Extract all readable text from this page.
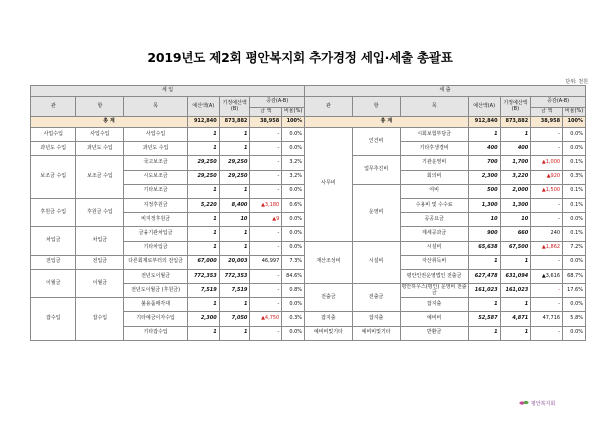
2019년도 제2회 평안복지회 추가경정 세입·세출 총괄표
단위: 천원
세 입							세 출						
관	항	목	예산액(A)	기정예산액(B)	증감(A-B)		관	항	목	예산액(A)	기정예산액(B)	증감(A-B)	
					금 액	비율(%)						금 액	비율(%)
총 계			912,840	873,882	38,958	100%	총 계			912,840	873,882	38,958	100%
사업수입	사업수입	사업수입	1	1	-	0.0%	사무비	인건비	시회보험부담금	1	1	-	0.0%
과년도 수입	과년도 수입	과년도 수입	1	1	-	0.0%			기타후생경비	400	400	-	0.0%
보조금 수입	보조금 수입	국고보조금	29,250	29,250	-	3.2%		업무추진비	기관운영비	700	1,700	▲1,000	0.1%
		시도보조금	29,250	29,250	-	3.2%			회의비	2,300	3,220	▲920	0.3%
		기타보조금	1	1	-	0.0%		운영비	여비	500	2,000	▲1,500	0.1%
후원금 수입	후원금 수입	지정후원금	5,220	8,400	▲3,180	0.6%			수용비 및 수수료	1,300	1,300	-	0.1%
		비지정후원금	1	10	▲9	0.0%			공공요금	10	10	-	0.0%
차입금	차입금	금융기관차입금	1	1	-	0.0%			제세공과금	900	660	240	0.1%
		기타차입금	1	1	-	0.0%	재산조성비	시설비	시설비	65,638	67,500	▲1,862	7.2%
전입금	전입금	다른회계로부터의 전입금	67,000	20,003	46,997	7.3%			자산취득비	1	1	-	0.0%
이월금	이월금	전년도이월금	772,353	772,353	-	84.6%			평안인권운영법인 전출금	627,478	631,094	▲3,616	68.7%
		전년도이월금 (후원금)	7,519	7,519	-	0.8%	전출금	전출금	평안하우스(평인) 운영비 전출금	161,023	161,023	-	17.6%
잡수입	잡수입	불용품매각대	1	1	-	0.0%			잡지출	1	1	-	0.0%
		기타예금이자수입	2,300	7,050	▲4,750	0.3%	잡지출	잡지출	예비비	52,587	4,871	47,716	5.8%
		기타잡수입	1	1	-	0.0%	예비비및기타	예비비및기타	반환금	1	1	-	0.0%
평안복지회
